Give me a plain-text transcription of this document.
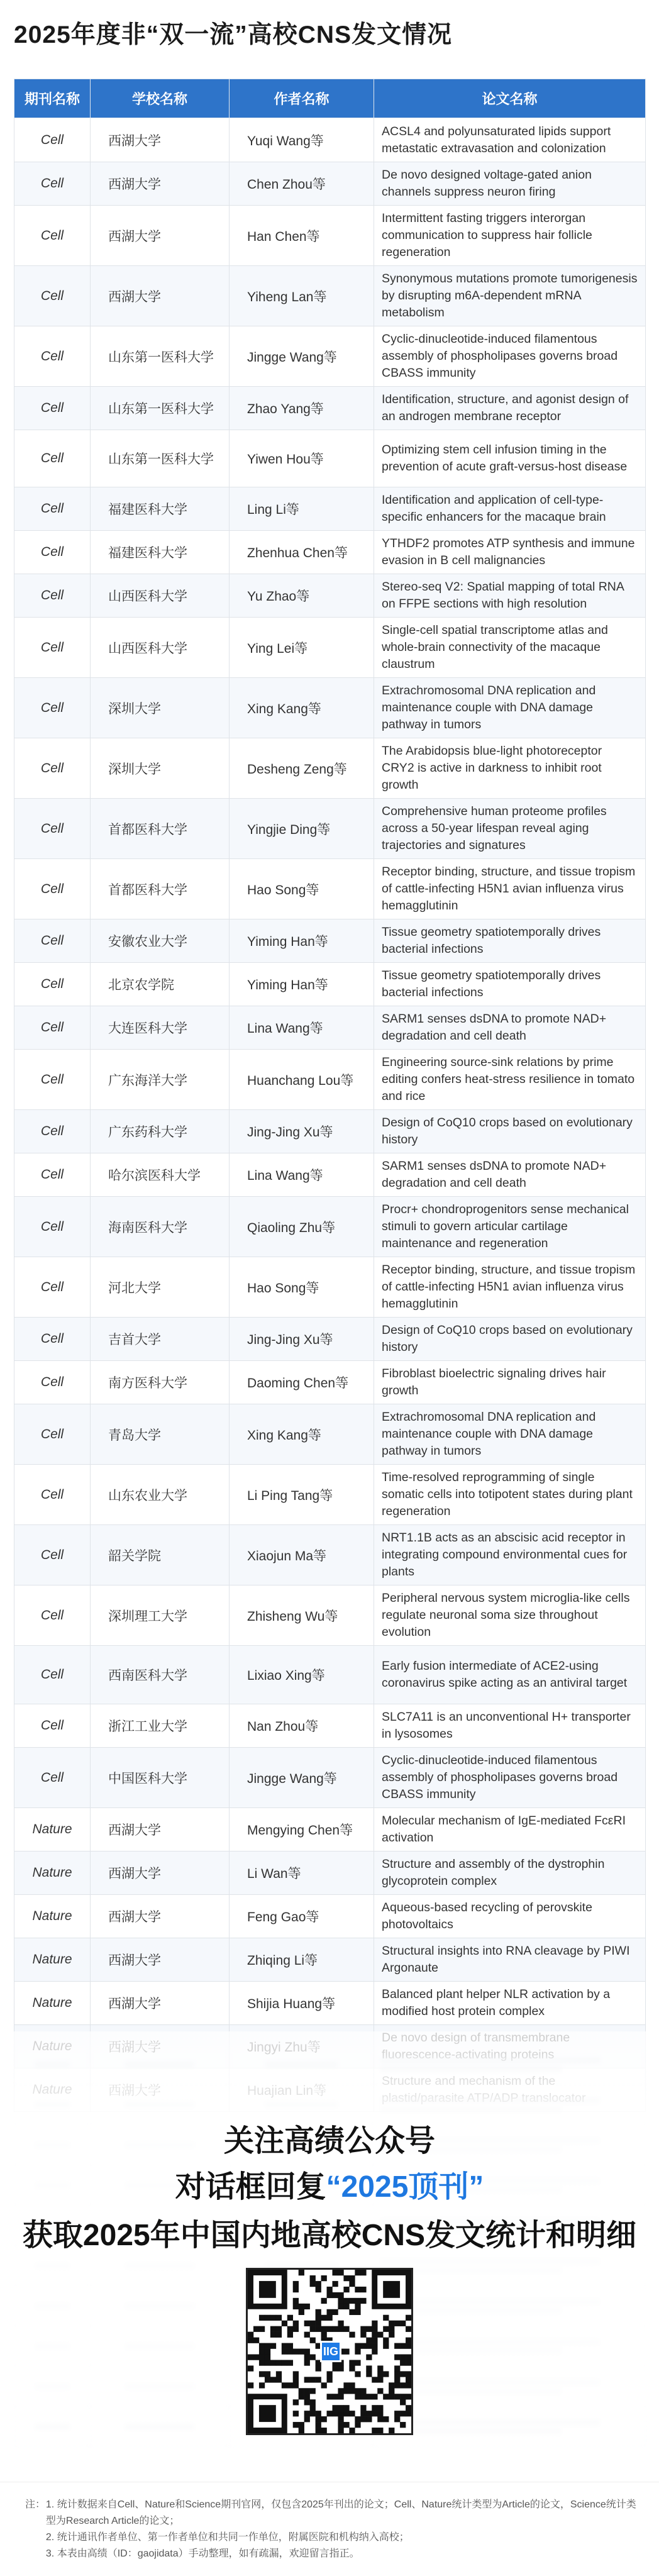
2025年度非“双一流”高校CNS发文情况
期刊名称	学校名称	作者名称	论文名称
Cell	西湖大学	Yuqi Wang等	ACSL4 and polyunsaturated lipids support metastatic extravasation and colonization
Cell	西湖大学	Chen Zhou等	De novo designed voltage-gated anion channels suppress neuron firing
Cell	西湖大学	Han Chen等	Intermittent fasting triggers interorgan communication to suppress hair follicle regeneration
Cell	西湖大学	Yiheng Lan等	Synonymous mutations promote tumorigenesis by disrupting m6A-dependent mRNA metabolism
Cell	山东第一医科大学	Jingge Wang等	Cyclic-dinucleotide-induced filamentous assembly of phospholipases governs broad CBASS immunity
Cell	山东第一医科大学	Zhao Yang等	Identification, structure, and agonist design of an androgen membrane receptor
Cell	山东第一医科大学	Yiwen Hou等	Optimizing stem cell infusion timing in the prevention of acute graft-versus-host disease
Cell	福建医科大学	Ling Li等	Identification and application of cell-type-specific enhancers for the macaque brain
Cell	福建医科大学	Zhenhua Chen等	YTHDF2 promotes ATP synthesis and immune evasion in B cell malignancies
Cell	山西医科大学	Yu Zhao等	Stereo-seq V2: Spatial mapping of total RNA on FFPE sections with high resolution
Cell	山西医科大学	Ying Lei等	Single-cell spatial transcriptome atlas and whole-brain connectivity of the macaque claustrum
Cell	深圳大学	Xing Kang等	Extrachromosomal DNA replication and maintenance couple with DNA damage pathway in tumors
Cell	深圳大学	Desheng Zeng等	The Arabidopsis blue-light photoreceptor CRY2 is active in darkness to inhibit root growth
Cell	首都医科大学	Yingjie Ding等	Comprehensive human proteome profiles across a 50-year lifespan reveal aging trajectories and signatures
Cell	首都医科大学	Hao Song等	Receptor binding, structure, and tissue tropism of cattle-infecting H5N1 avian influenza virus hemagglutinin
Cell	安徽农业大学	Yiming Han等	Tissue geometry spatiotemporally drives bacterial infections
Cell	北京农学院	Yiming Han等	Tissue geometry spatiotemporally drives bacterial infections
Cell	大连医科大学	Lina Wang等	SARM1 senses dsDNA to promote NAD+ degradation and cell death
Cell	广东海洋大学	Huanchang Lou等	Engineering source-sink relations by prime editing confers heat-stress resilience in tomato and rice
Cell	广东药科大学	Jing-Jing Xu等	Design of CoQ10 crops based on evolutionary history
Cell	哈尔滨医科大学	Lina Wang等	SARM1 senses dsDNA to promote NAD+ degradation and cell death
Cell	海南医科大学	Qiaoling Zhu等	Procr+ chondroprogenitors sense mechanical stimuli to govern articular cartilage maintenance and regeneration
Cell	河北大学	Hao Song等	Receptor binding, structure, and tissue tropism of cattle-infecting H5N1 avian influenza virus hemagglutinin
Cell	吉首大学	Jing-Jing Xu等	Design of CoQ10 crops based on evolutionary history
Cell	南方医科大学	Daoming Chen等	Fibroblast bioelectric signaling drives hair growth
Cell	青岛大学	Xing Kang等	Extrachromosomal DNA replication and maintenance couple with DNA damage pathway in tumors
Cell	山东农业大学	Li Ping Tang等	Time-resolved reprogramming of single somatic cells into totipotent states during plant regeneration
Cell	韶关学院	Xiaojun Ma等	NRT1.1B acts as an abscisic acid receptor in integrating compound environmental cues for plants
Cell	深圳理工大学	Zhisheng Wu等	Peripheral nervous system microglia-like cells regulate neuronal soma size throughout evolution
Cell	西南医科大学	Lixiao Xing等	Early fusion intermediate of ACE2-using coronavirus spike acting as an antiviral target
Cell	浙江工业大学	Nan Zhou等	SLC7A11 is an unconventional H+ transporter in lysosomes
Cell	中国医科大学	Jingge Wang等	Cyclic-dinucleotide-induced filamentous assembly of phospholipases governs broad CBASS immunity
Nature	西湖大学	Mengying Chen等	Molecular mechanism of IgE-mediated FcεRI activation
Nature	西湖大学	Li Wan等	Structure and assembly of the dystrophin glycoprotein complex
Nature	西湖大学	Feng Gao等	Aqueous-based recycling of perovskite photovoltaics
Nature	西湖大学	Zhiqing Li等	Structural insights into RNA cleavage by PIWI Argonaute
Nature	西湖大学	Shijia Huang等	Balanced plant helper NLR activation by a modified host protein complex

关注高绩公众号
对话框回复“2025顶刊”
获取2025年中国内地高校CNS发文统计和明细
IIG
注： 1. 统计数据来自Cell、Nature和Science期刊官网，仅包含2025年刊出的论文；Cell、Nature统计类型为Article的论文，Science统计类型为Research Article的论文；
2. 统计通讯作者单位、第一作者单位和共同一作单位，附属医院和机构纳入高校；
3. 本表由高绩（ID：gaojidata）手动整理，如有疏漏，欢迎留言指正。
